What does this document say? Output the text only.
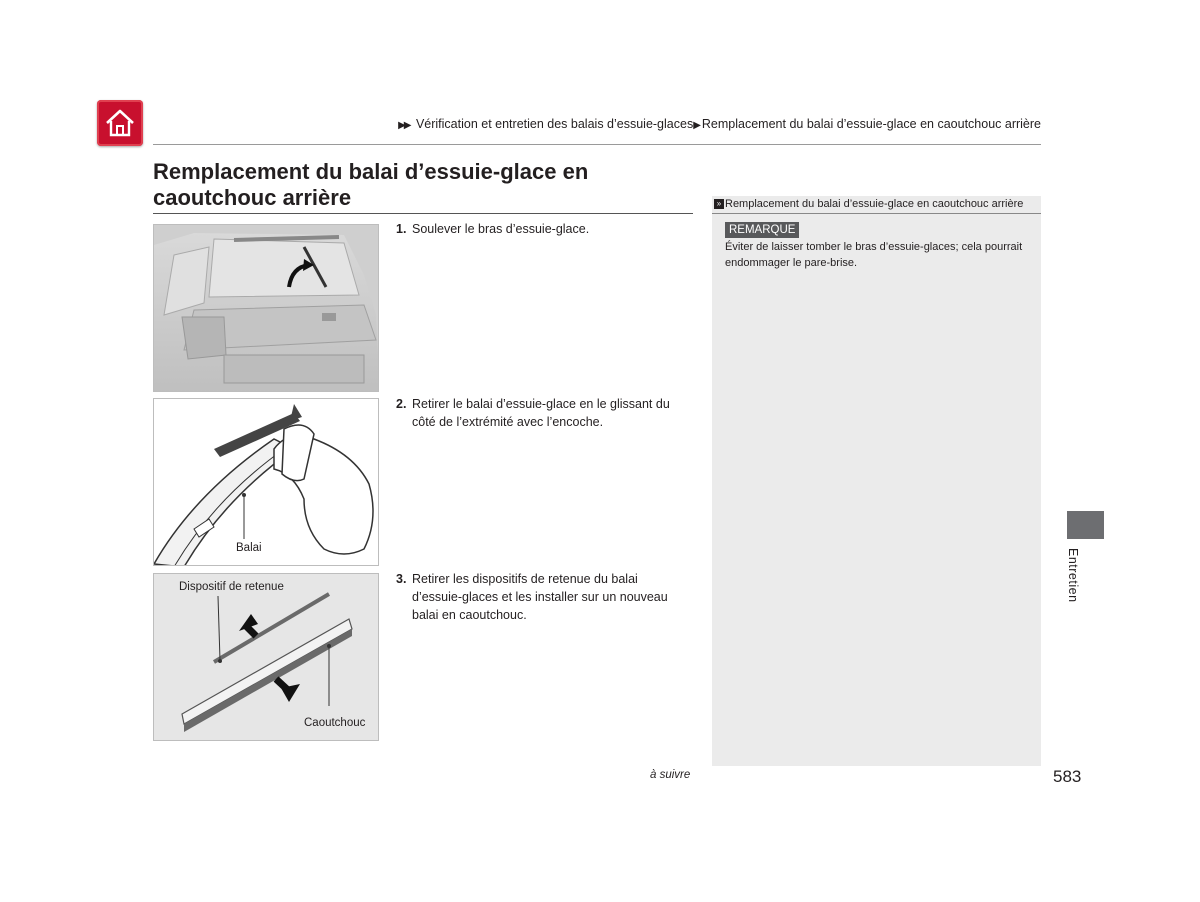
▶▶ Vérification et entretien des balais d’essuie-glaces▶ Remplacement du balai d’essuie-glace en caoutchouc arrière
Remplacement du balai d’essuie-glace en
caoutchouc arrière
Balai
Dispositif de retenue
Caoutchouc
1. Soulever le bras d’essuie-glace.
2. Retirer le balai d’essuie-glace en le glissant du côté de l’extrémité avec l’encoche.
3. Retirer les dispositifs de retenue du balai d’essuie-glaces et les installer sur un nouveau balai en caoutchouc.
» Remplacement du balai d’essuie-glace en caoutchouc arrière
REMARQUE
Éviter de laisser tomber le bras d’essuie-glaces; cela pourrait endommager le pare-brise.
Entretien
à suivre	583
